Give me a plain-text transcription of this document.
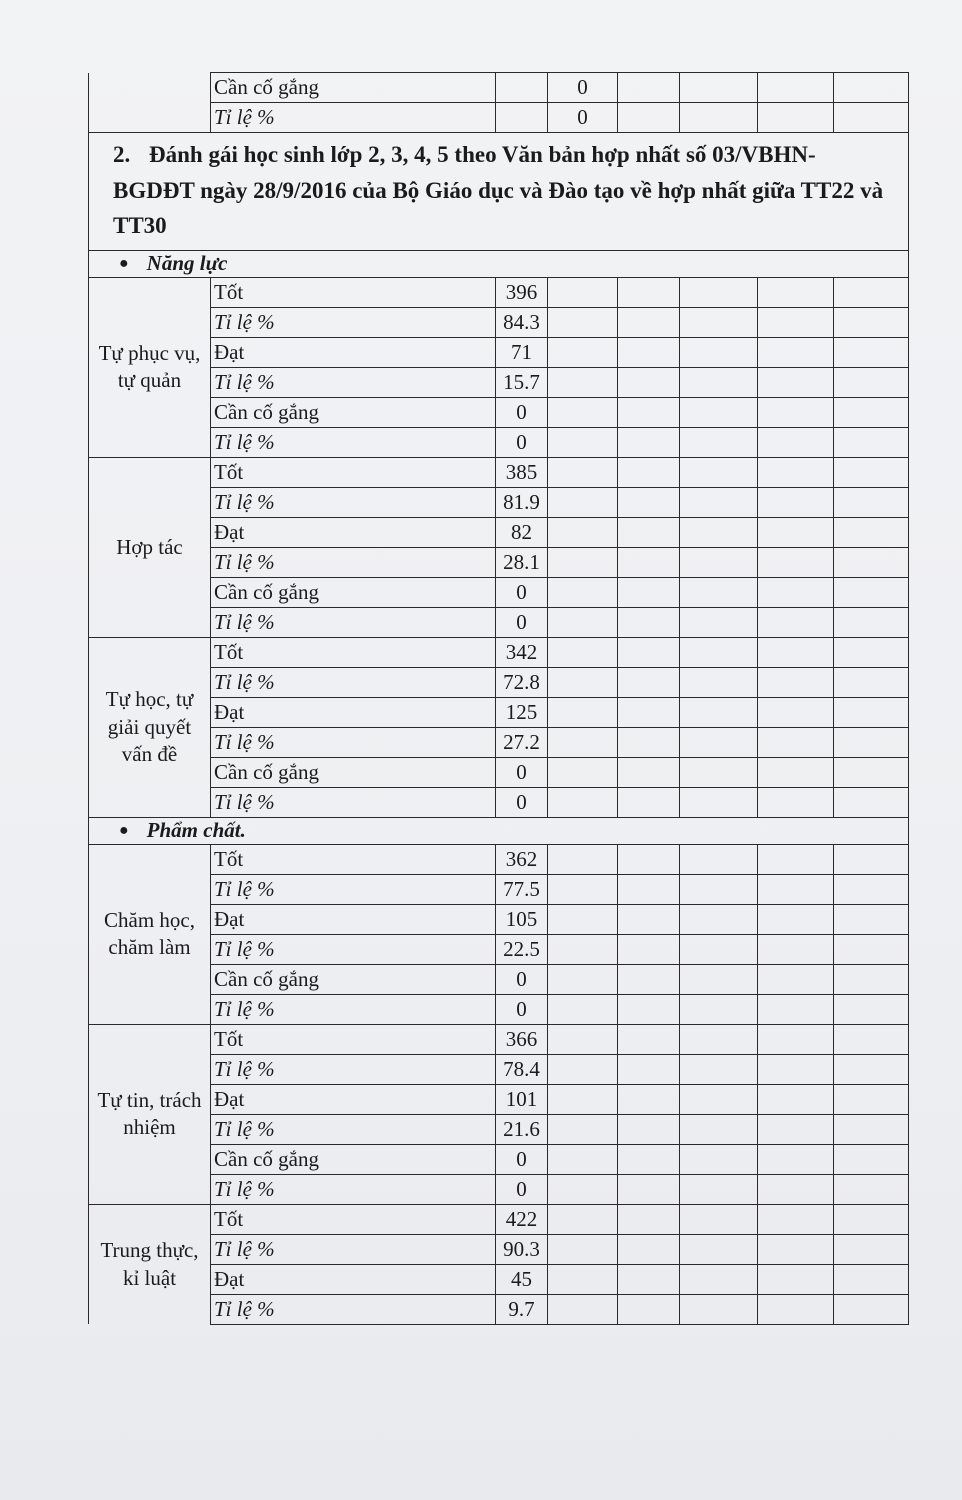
	Cần cố gắng		0				
	Tỉ lệ %		0				
2. Đánh gái học sinh lớp 2, 3, 4, 5 theo Văn bản hợp nhất số 03/VBHN-BGDĐT ngày 28/9/2016 của Bộ Giáo dục và Đào tạo về hợp nhất giữa TT22 và TT30							
● Năng lực							
Tự phục vụ, tự quản	Tốt	396					
	Tỉ lệ %	84.3					
	Đạt	71					
	Tỉ lệ %	15.7					
	Cần cố gắng	0					
	Tỉ lệ %	0					
Hợp tác	Tốt	385					
	Tỉ lệ %	81.9					
	Đạt	82					
	Tỉ lệ %	28.1					
	Cần cố gắng	0					
	Tỉ lệ %	0					
Tự học, tự giải quyết vấn đề	Tốt	342					
	Tỉ lệ %	72.8					
	Đạt	125					
	Tỉ lệ %	27.2					
	Cần cố gắng	0					
	Tỉ lệ %	0					
● Phẩm chất.							
Chăm học, chăm làm	Tốt	362					
	Tỉ lệ %	77.5					
	Đạt	105					
	Tỉ lệ %	22.5					
	Cần cố gắng	0					
	Tỉ lệ %	0					
Tự tin, trách nhiệm	Tốt	366					
	Tỉ lệ %	78.4					
	Đạt	101					
	Tỉ lệ %	21.6					
	Cần cố gắng	0					
	Tỉ lệ %	0					
Trung thực, kỉ luật	Tốt	422					
	Tỉ lệ %	90.3					
	Đạt	45					
	Tỉ lệ %	9.7					
